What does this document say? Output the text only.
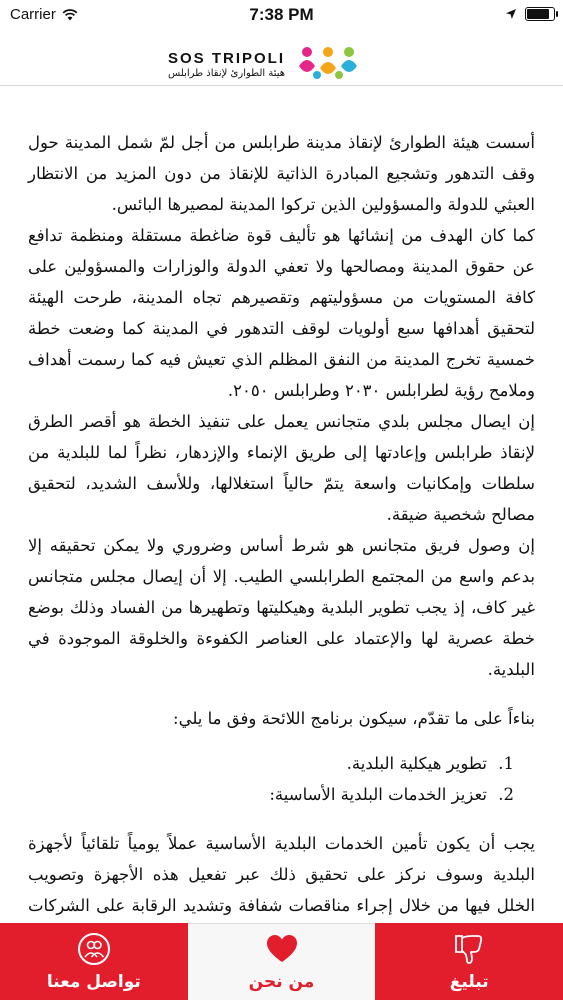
Carrier	7:38 PM
SOS TRIPOLI
هيئة الطوارئ لإنقاذ طرابلس

أسست هيئة الطوارئ لإنقاذ مدينة طرابلس من أجل لمّ شمل المدينة حول وقف التدهور وتشجيع المبادرة الذاتية للإنقاذ من دون المزيد من الانتظار العبثي للدولة والمسؤولين الذين تركوا المدينة لمصيرها البائس.

كما كان الهدف من إنشائها هو تأليف قوة ضاغطة مستقلة ومنظمة تدافع عن حقوق المدينة ومصالحها ولا تعفي الدولة والوزارات والمسؤولين على كافة المستويات من مسؤوليتهم وتقصيرهم تجاه المدينة، طرحت الهيئة لتحقيق أهدافها سبع أولويات لوقف التدهور في المدينة كما وضعت خطة خمسية تخرج المدينة من النفق المظلم الذي تعيش فيه كما رسمت أهداف وملامح رؤية لطرابلس ٢٠٣٠ وطرابلس ٢٠٥٠.

إن ايصال مجلس بلدي متجانس يعمل على تنفيذ الخطة هو أقصر الطرق لإنقاذ طرابلس وإعادتها إلى طريق الإنماء والإزدهار، نظراً لما للبلدية من سلطات وإمكانيات واسعة يتمّ حالياً استغلالها، وللأسف الشديد، لتحقيق مصالح شخصية ضيقة.

إن وصول فريق متجانس هو شرط أساس وضروري ولا يمكن تحقيقه إلا بدعم واسع من المجتمع الطرابلسي الطيب. إلا أن إيصال مجلس متجانس غير كاف، إذ يجب تطوير البلدية وهيكليتها وتطهيرها من الفساد وذلك بوضع خطة عصرية لها والإعتماد على العناصر الكفوءة والخلوقة الموجودة في البلدية.

بناءاً على ما تقدّم، سيكون برنامج اللائحة وفق ما يلي:

1. تطوير هيكلية البلدية.
2. تعزيز الخدمات البلدية الأساسية:

يجب أن يكون تأمين الخدمات البلدية الأساسية عملاً يومياً تلقائياً لأجهزة البلدية وسوف نركز على تحقيق ذلك عبر تفعيل هذه الأجهزة وتصويب الخلل فيها من خلال إجراء مناقصات شفافة وتشديد الرقابة على الشركات

تواصل معنا	من نحن	تبليغ
